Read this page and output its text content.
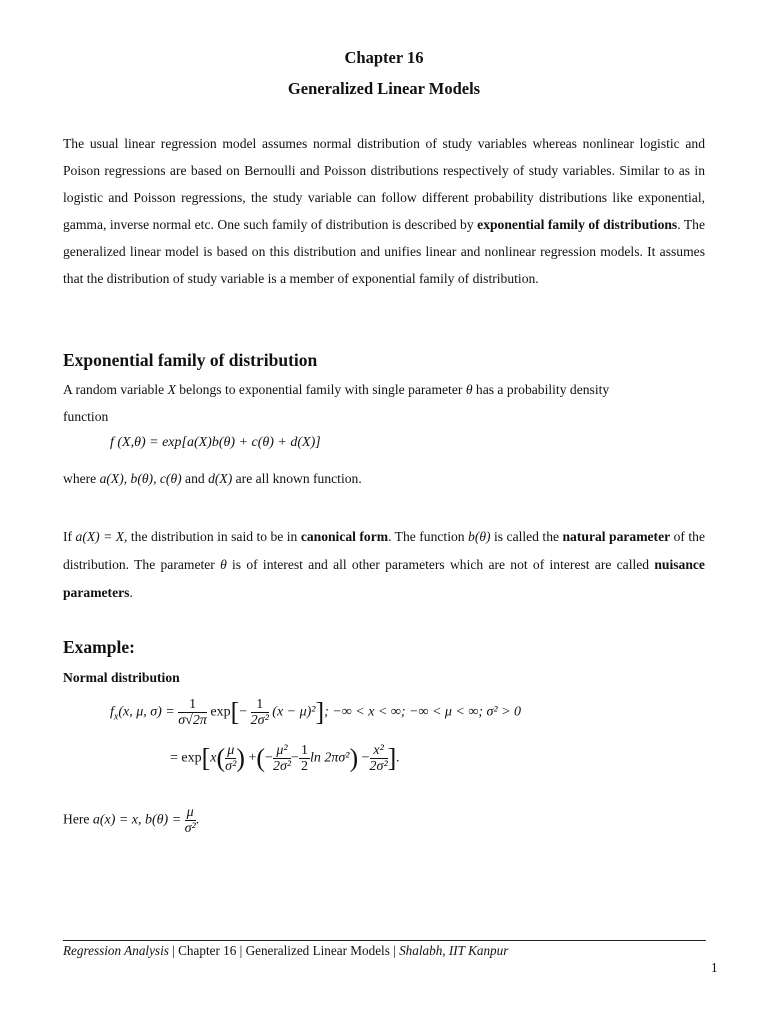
Chapter 16
Generalized Linear Models
The usual linear regression model assumes normal distribution of study variables whereas nonlinear logistic and Poison regressions are based on Bernoulli and Poisson distributions respectively of study variables. Similar to as in logistic and Poisson regressions, the study variable can follow different probability distributions like exponential, gamma, inverse normal etc. One such family of distribution is described by exponential family of distributions. The generalized linear model is based on this distribution and unifies linear and nonlinear regression models. It assumes that the distribution of study variable is a member of exponential family of distribution.
Exponential family of distribution
A random variable X belongs to exponential family with single parameter θ has a probability density
function
f (X,θ) = exp[a(X)b(θ) + c(θ) + d(X)]
where a(X), b(θ), c(θ) and d(X) are all known function.
If a(X) = X, the distribution in said to be in canonical form. The function b(θ) is called the natural parameter of the distribution. The parameter θ is of interest and all other parameters which are not of interest are called nuisance parameters.
Example:
Normal distribution
$f_x(x$, μ, $\sigma) = \frac{1}{\sigma√2\pi} \exp[- \frac{1}{\text{2σ²}} (x - \mu)^2]$; −∞ < x < ∞; −∞ < μ < ∞; σ² > 0
= $\exp[x( \frac{\mu}{\text{σ²}}$ ) +(− $\frac{\text{μ²}}{\text{2σ²}} - \frac{1}{2}$ $\ln 2\pi\sigma^2) - \frac{\text{x²}}{\text{2σ²}}$ ].
Here a(x) = x, $b(\theta) = \frac{\mu}{\text{σ²}}$ .
Regression Analysis | Chapter 16 | Generalized Linear Models | Shalabh, IIT Kanpur
1
